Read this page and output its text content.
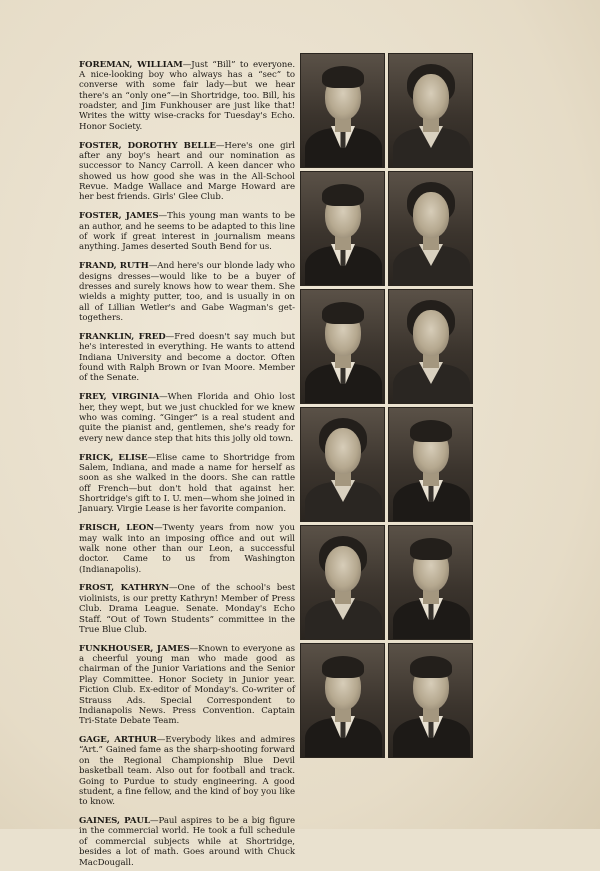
FOREMAN, WILLIAM—Just “Bill” to everyone. A nice-looking boy who always has a “sec” to converse with some fair lady—but we hear there's an “only one”—in Shortridge, too. Bill, his roadster, and Jim Funkhouser are just like that! Writes the witty wise-cracks for Tuesday's Echo. Honor Society.

FOSTER, DOROTHY BELLE—Here's one girl after any boy's heart and our nomination as successor to Nancy Carroll. A keen dancer who showed us how good she was in the All-School Revue. Madge Wallace and Marge Howard are her best friends. Girls' Glee Club.

FOSTER, JAMES—This young man wants to be an author, and he seems to be adapted to this line of work if great interest in journalism means anything. James deserted South Bend for us.

FRAND, RUTH—And here's our blonde lady who designs dresses—would like to be a buyer of dresses and surely knows how to wear them. She wields a mighty putter, too, and is usually in on all of Lillian Wetler's and Gabe Wagman's get-togethers.

FRANKLIN, FRED—Fred doesn't say much but he's interested in everything. He wants to attend Indiana University and become a doctor. Often found with Ralph Brown or Ivan Moore. Member of the Senate.

FREY, VIRGINIA—When Florida and Ohio lost her, they wept, but we just chuckled for we knew who was coming. “Ginger” is a real student and quite the pianist and, gentlemen, she's ready for every new dance step that hits this jolly old town.

FRICK, ELISE—Elise came to Shortridge from Salem, Indiana, and made a name for herself as soon as she walked in the doors. She can rattle off French—but don't hold that against her. Shortridge's gift to I. U. men—whom she joined in January. Virgie Lease is her favorite companion.

FRISCH, LEON—Twenty years from now you may walk into an imposing office and out will walk none other than our Leon, a successful doctor. Came to us from Washington (Indianapolis).

FROST, KATHRYN—One of the school's best violinists, is our pretty Kathryn! Member of Press Club. Drama League. Senate. Monday's Echo Staff. “Out of Town Students” committee in the True Blue Club.

FUNKHOUSER, JAMES—Known to everyone as a cheerful young man who made good as chairman of the Junior Variations and the Senior Play Committee. Honor Society in Junior year. Fiction Club. Ex-editor of Monday's. Co-writer of Strauss Ads. Special Correspondent to Indianapolis News. Press Convention. Captain Tri-State Debate Team.

GAGE, ARTHUR—Everybody likes and admires “Art.” Gained fame as the sharp-shooting forward on the Regional Championship Blue Devil basketball team. Also out for football and track. Going to Purdue to study engineering. A good student, a fine fellow, and the kind of boy you like to know.

GAINES, PAUL—Paul aspires to be a big figure in the commercial world. He took a full schedule of commercial subjects while at Shortridge, besides a lot of math. Goes around with Chuck MacDougall.
